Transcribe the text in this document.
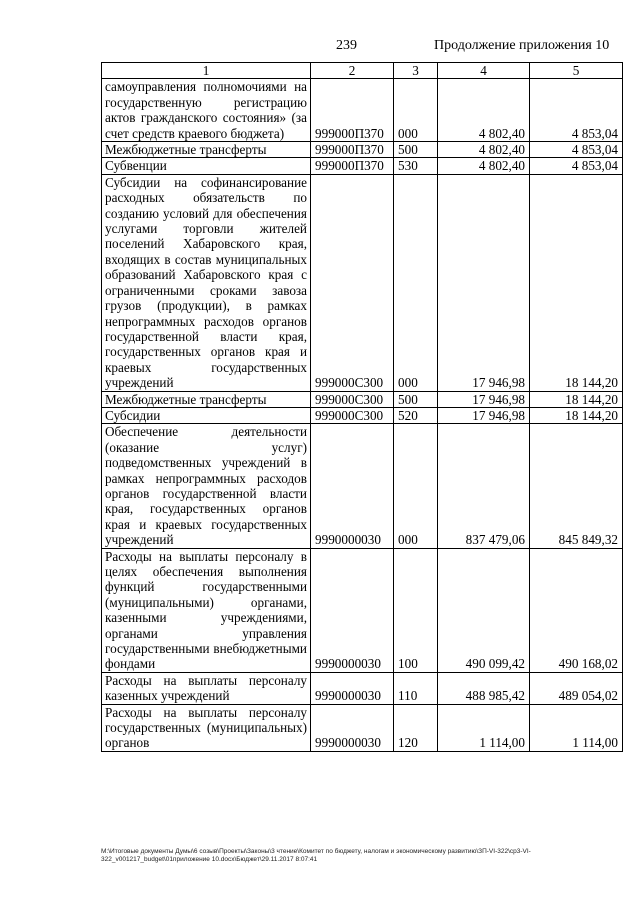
239	Продолжение приложения 10
1	2	3	4	5
самоуправления полномочиями на государственную регистрацию актов гражданского состояния» (за счет средств краевого бюджета)	999000П370	000	4 802,40	4 853,04
Межбюджетные трансферты	999000П370	500	4 802,40	4 853,04
Субвенции	999000П370	530	4 802,40	4 853,04
Субсидии на софинансирование расходных обязательств по созданию условий для обеспечения услугами торговли жителей поселений Хабаровского края, входящих в состав муниципальных образований Хабаровского края с ограниченными сроками завоза грузов (продукции), в рамках непрограммных расходов органов государственной власти края, государственных органов края и краевых государственных учреждений	999000С300	000	17 946,98	18 144,20
Межбюджетные трансферты	999000С300	500	17 946,98	18 144,20
Субсидии	999000С300	520	17 946,98	18 144,20
Обеспечение деятельности (оказание услуг) подведомственных учреждений в рамках непрограммных расходов органов государственной власти края, государственных органов края и краевых государственных учреждений	9990000030	000	837 479,06	845 849,32
Расходы на выплаты персоналу в целях обеспечения выполнения функций государственными (муниципальными) органами, казенными учреждениями, органами управления государственными внебюджетными фондами	9990000030	100	490 099,42	490 168,02
Расходы на выплаты персоналу казенных учреждений	9990000030	110	488 985,42	489 054,02
Расходы на выплаты персоналу государственных (муниципальных) органов	9990000030	120	1 114,00	1 114,00
M:\Итоговые документы Думы\6 созыв\Проекты\Законы\3 чтение\Комитет по бюджету, налогам и экономическому развитию\ЗП-VI-322\ср3-VI-322_v001217_budget\01приложение 10.docx\Бюджет\29.11.2017 8:07:41
